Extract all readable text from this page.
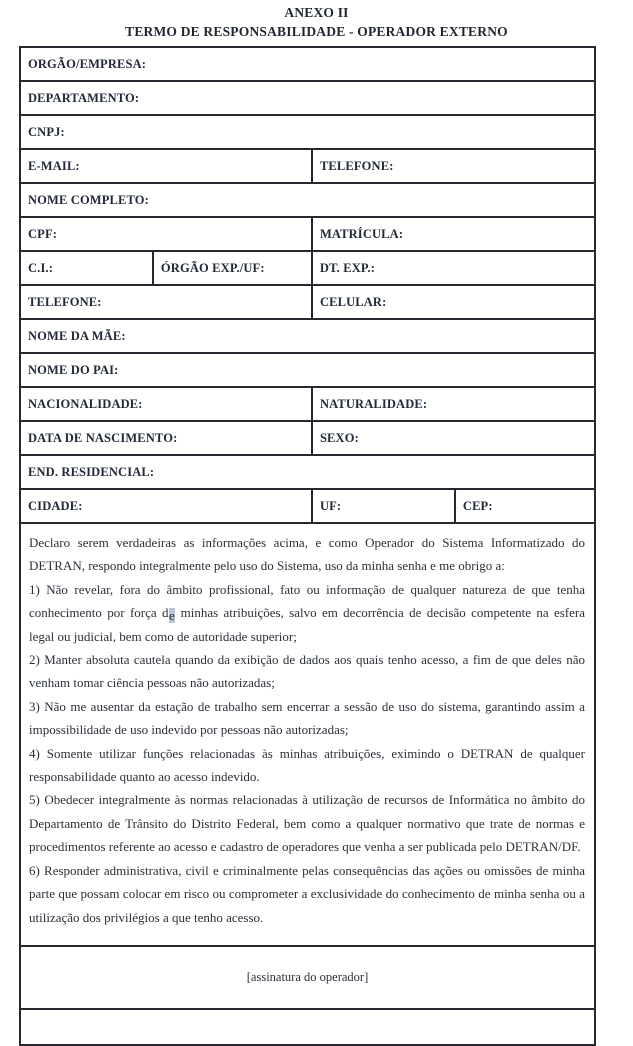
ANEXO II
TERMO DE RESPONSABILIDADE - OPERADOR EXTERNO
ORGÃO/EMPRESA:
DEPARTAMENTO:
CNPJ:
E-MAIL:	TELEFONE:
NOME COMPLETO:
CPF:	MATRÍCULA:
C.I.:	ÓRGÃO EXP./UF:	DT. EXP.:
TELEFONE:	CELULAR:
NOME DA MÃE:
NOME DO PAI:
NACIONALIDADE:	NATURALIDADE:
DATA DE NASCIMENTO:	SEXO:
END. RESIDENCIAL:
CIDADE:	UF:	CEP:

Declaro serem verdadeiras as informações acima, e como Operador do Sistema Informatizado do DETRAN, respondo integralmente pelo uso do Sistema, uso da minha senha e me obrigo a:

1) Não revelar, fora do âmbito profissional, fato ou informação de qualquer natureza de que tenha conhecimento por força de minhas atribuições, salvo em decorrência de decisão competente na esfera legal ou judicial, bem como de autoridade superior;

2) Manter absoluta cautela quando da exibição de dados aos quais tenho acesso, a fim de que deles não venham tomar ciência pessoas não autorizadas;

3) Não me ausentar da estação de trabalho sem encerrar a sessão de uso do sistema, garantindo assim a impossibilidade de uso indevido por pessoas não autorizadas;

4) Somente utilizar funções relacionadas às minhas atribuições, eximindo o DETRAN de qualquer responsabilidade quanto ao acesso indevido.

5) Obedecer integralmente às normas relacionadas à utilização de recursos de Informática no âmbito do Departamento de Trânsito do Distrito Federal, bem como a qualquer normativo que trate de normas e procedimentos referente ao acesso e cadastro de operadores que venha a ser publicada pelo DETRAN/DF.

6) Responder administrativa, civil e criminalmente pelas consequências das ações ou omissões de minha parte que possam colocar em risco ou comprometer a exclusividade do conhecimento de minha senha ou a utilização dos privilégios a que tenho acesso.

[assinatura do operador]
